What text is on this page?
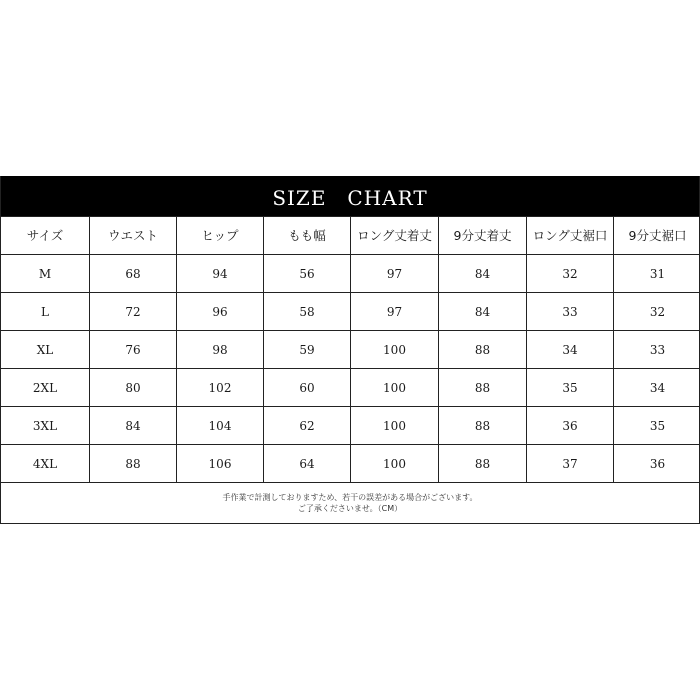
SIZE　CHART
サイズ	ウエスト	ヒップ	もも幅	ロング丈着丈	9分丈着丈	ロング丈裾口	9分丈裾口
M	68	94	56	97	84	32	31
L	72	96	58	97	84	33	32
XL	76	98	59	100	88	34	33
2XL	80	102	60	100	88	35	34
3XL	84	104	62	100	88	36	35
4XL	88	106	64	100	88	37	36
手作業で計測しておりますため、若干の誤差がある場合がございます。
ご了承くださいませ。（CM）
